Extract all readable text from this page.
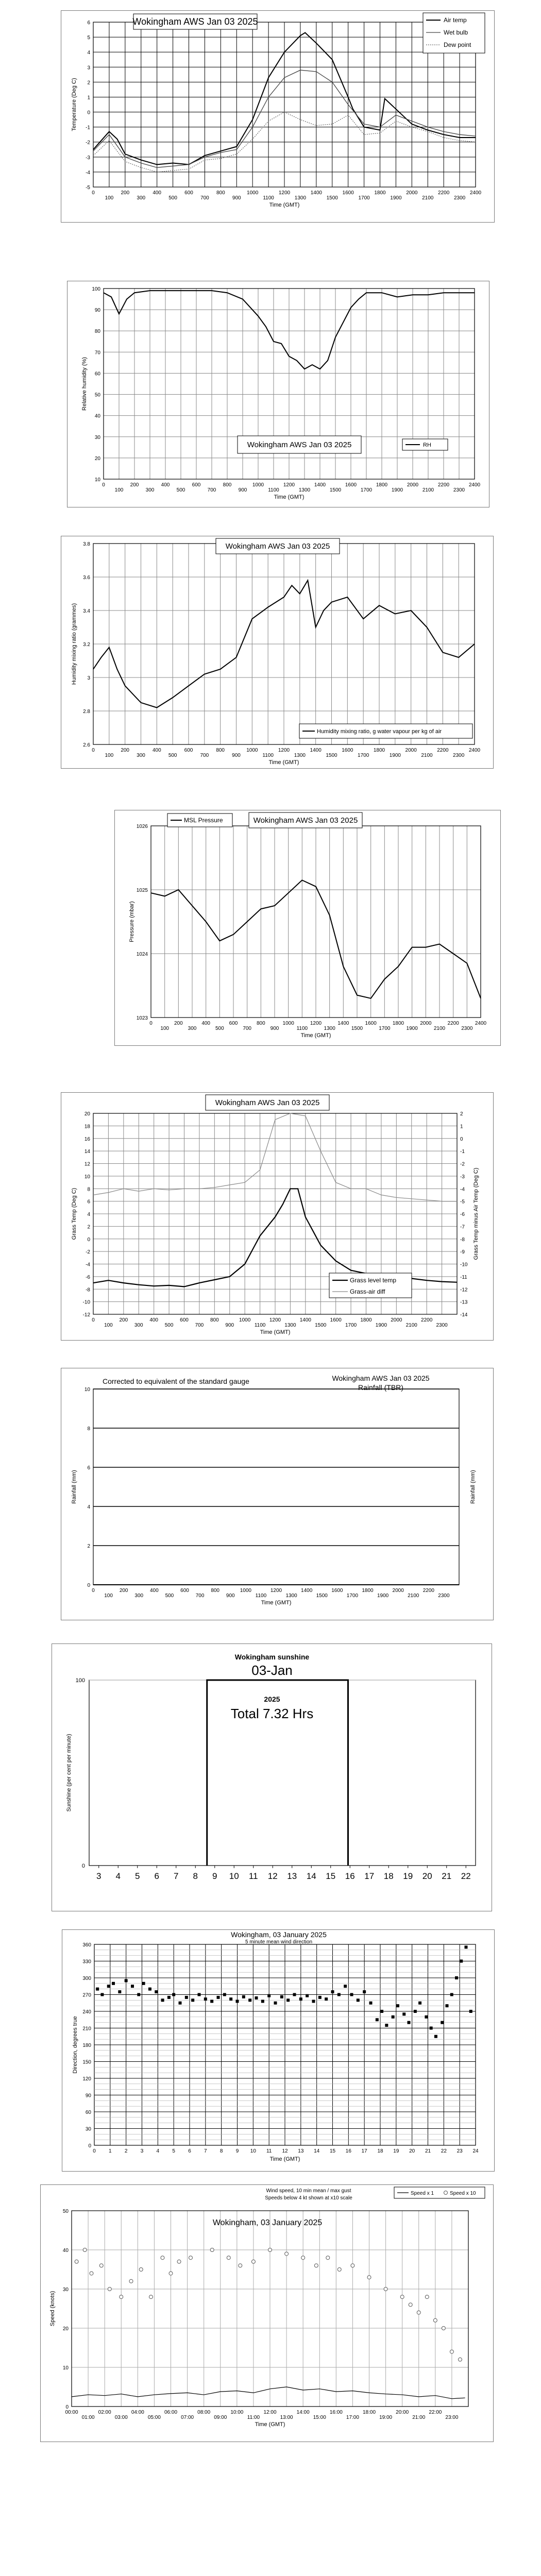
-5
-4
-3
-2
-1
0
1
2
3
4
5
6
0
100
200
300
400
500
600
700
800
900
1000
1100
1200
1300
1400
1500
1600
1700
1800
1900
2000
2100
2200
2300
2400
Time (GMT)
Temperature (Deg C)
Wokingham AWS Jan 03 2025	Air temp
Wet bulb
Dew point
10
20
30
40
50
60
70
80
90
100
0
100
200
300
400
500
600
700
800
900
1000
1100
1200
1300
1400
1500
1600
1700
1800
1900
2000
2100
2200
2300
2400
Time (GMT)
Relative humidity (%)
Wokingham AWS Jan 03 2025	RH
2.6
2.8
3
3.2
3.4
3.6
3.8
0
100
200
300
400
500
600
700
800
900
1000
1100
1200
1300
1400
1500
1600
1700
1800
1900
2000
2100
2200
2300
2400
Time (GMT)
Humidity mixing ratio (grammes)
Wokingham AWS Jan 03 2025
Humidity mixing ratio, g water vapour per kg of air
1023
1024
1025
1026
0
100
200
300
400
500
600
700
800
900
1000
1100
1200
1300
1400
1500
1600
1700
1800
1900
2000
2100
2200
2300
2400
Time (GMT)
Pressure (mbar)
MSL Pressure	Wokingham AWS Jan 03 2025
-12
-10
-8
-6
-4
-2
0
2
4
6
8
10
12
14
16
18
20
0
100
200
300
400
500
600
700
800
900
1000
1100
1200
1300
1400
1500
1600
1700
1800
1900
2000
2100
2200
2300
Time (GMT)
Grass Temp (Deg C)
-14
-13
-12
-11
-10
-9
-8
-7
-6
-5
-4
-3
-2
-1
0
1
2
Grass Temp minus Air Temp (Deg C)
Wokingham AWS Jan 03 2025
Grass level temp
Grass-air diff
0
2
4
6
8
10
0
100
200
300
400
500
600
700
800
900
1000
1100
1200
1300
1400
1500
1600
1700
1800
1900
2000
2100
2200
2300
Time (GMT)
Rainfall (mm)	Rainfall (mm)
Corrected to equivalent of the standard gauge	Wokingham AWS Jan 03 2025
Rainfall (TBR)
3 4 5 6 7 8 9 10 11 12 13 14 15 16 17 18 19 20 21 22
0
100
Sunshine (per cent per minute)
Wokingham sunshine
03-Jan
2025
Total 7.32 Hrs
0
30
60
90
120
150
180
210
240
270
300
330
360
0	1	2	3	4	5	6	7	8	9 10 11 12 13 14 15 16 17 18 19 20 21 22 23 24
Time (GMT)
Direction, degrees true
Wokingham, 03 January 2025
5 minute mean wind direction
0
10
20
30
40
50
00:00
01:00
02:00
03:00
04:00
05:00
06:00
07:00
08:00
09:00
10:00
11:00
12:00
13:00
14:00
15:00
16:00
17:00
18:00
19:00
20:00
21:00
22:00
23:00
Time (GMT)
Speed (knots)
Wokingham, 03 January 2025
Wind speed, 10 min mean / max gust
Speeds below 4 kt shown at x10 scale
Speed x 1	Speed x 10
